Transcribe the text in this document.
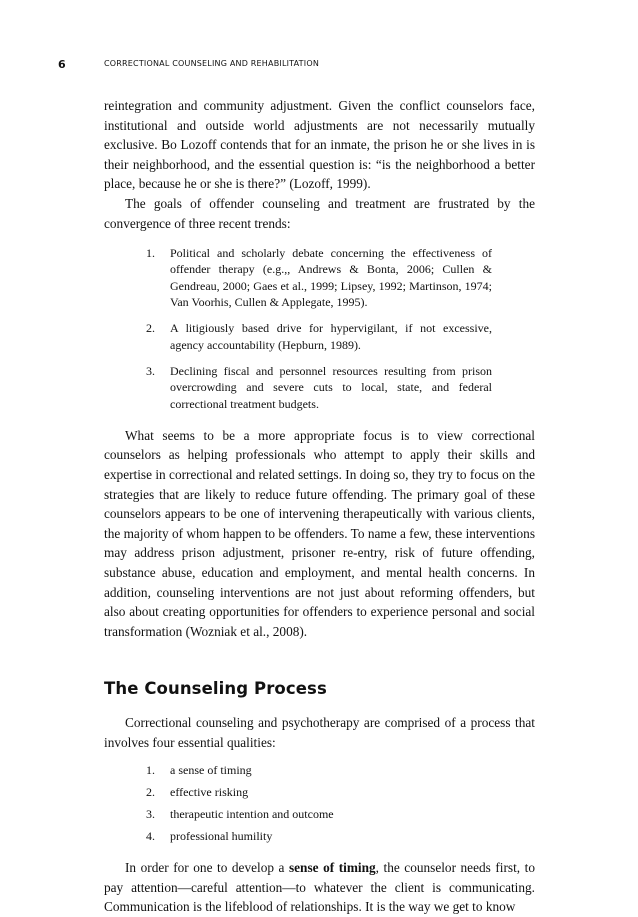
6	CORRECTIONAL COUNSELING AND REHABILITATION

reintegration and community adjustment. Given the conflict counselors face, institutional and outside world adjustments are not necessarily mutually exclusive. Bo Lozoff contends that for an inmate, the prison he or she lives in is their neighborhood, and the essential question is: “is the neighborhood a better place, because he or she is there?” (Lozoff, 1999).

The goals of offender counseling and treatment are frustrated by the convergence of three recent trends:

1. Political and scholarly debate concerning the effectiveness of offender therapy (e.g.,, Andrews & Bonta, 2006; Cullen & Gendreau, 2000; Gaes et al., 1999; Lipsey, 1992; Martinson, 1974; Van Voorhis, Cullen & Applegate, 1995).
2. A litigiously based drive for hypervigilant, if not excessive, agency accountability (Hepburn, 1989).
3. Declining fiscal and personnel resources resulting from prison overcrowding and severe cuts to local, state, and federal correctional treatment budgets.

What seems to be a more appropriate focus is to view correctional counselors as helping professionals who attempt to apply their skills and expertise in correctional and related settings. In doing so, they try to focus on the strategies that are likely to reduce future offending. The primary goal of these counselors appears to be one of intervening therapeutically with various clients, the majority of whom happen to be offenders. To name a few, these interventions may address prison adjustment, prisoner re-entry, risk of future offending, substance abuse, education and employment, and mental health concerns. In addition, counseling interventions are not just about reforming offenders, but also about creating opportunities for offenders to experience personal and social transformation (Wozniak et al., 2008).

The Counseling Process

Correctional counseling and psychotherapy are comprised of a process that involves four essential qualities:

1. a sense of timing
2. effective risking
3. therapeutic intention and outcome
4. professional humility

In order for one to develop a sense of timing, the counselor needs first, to pay attention—careful attention—to whatever the client is communicating. Communication is the lifeblood of relationships. It is the way we get to know
